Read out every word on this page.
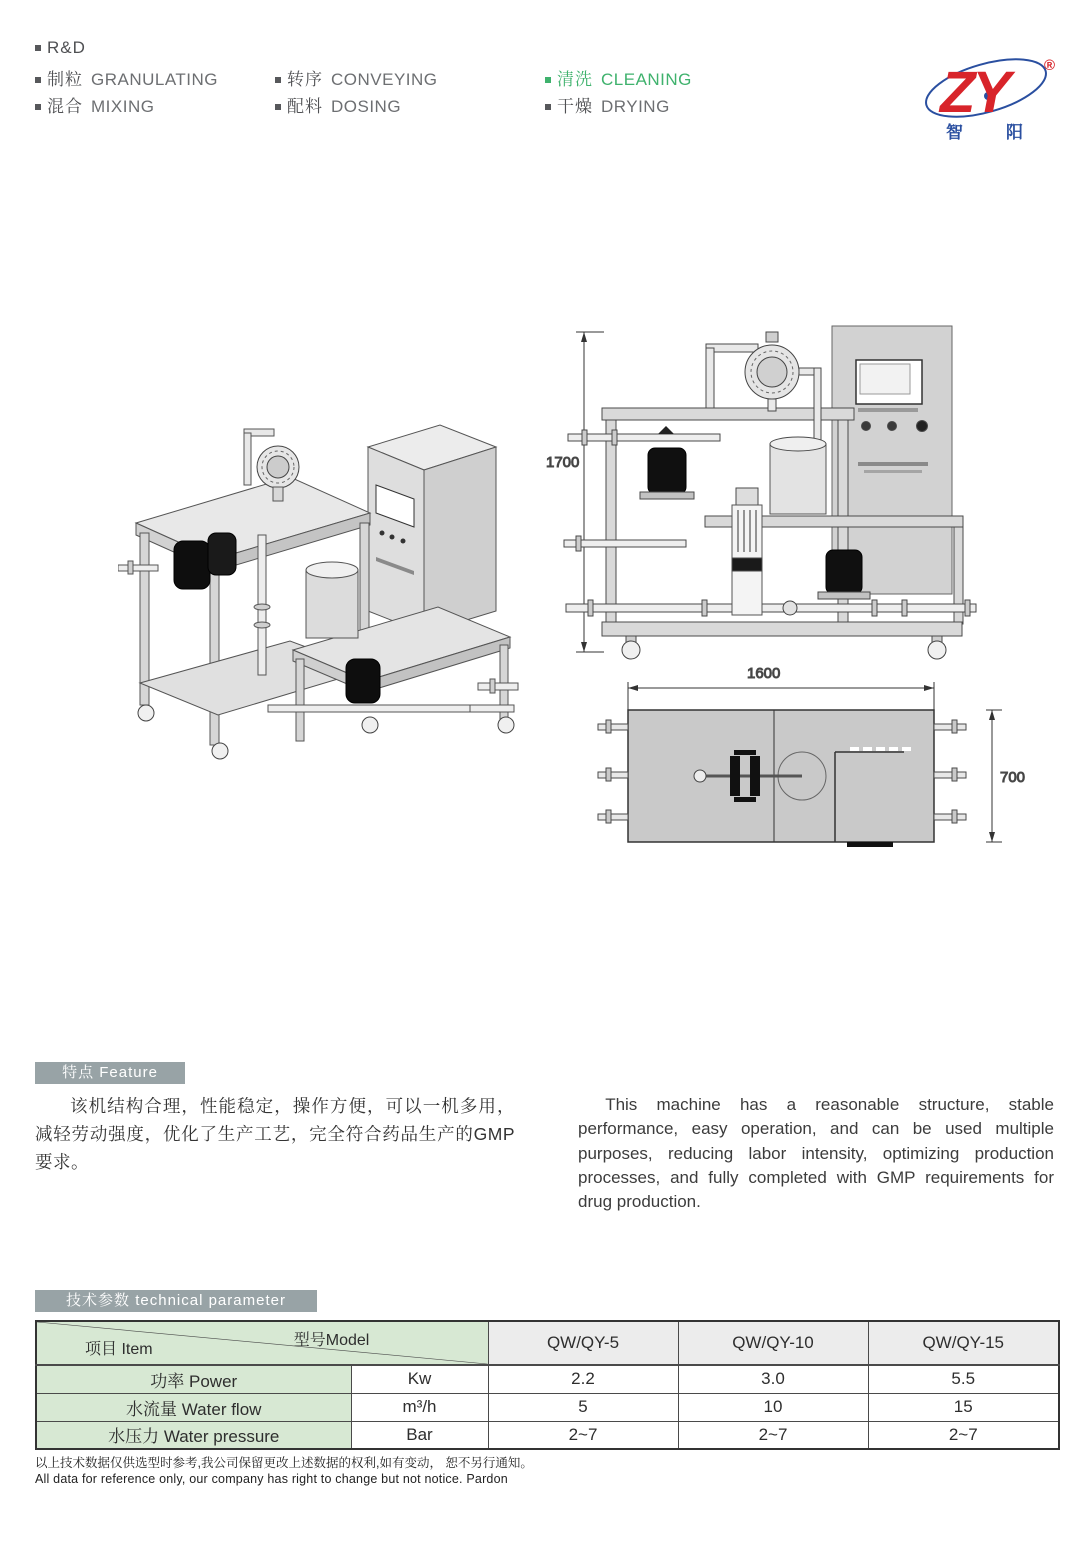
R&D
制粒 GRANULATING
混合 MIXING
转序 CONVEYING
配料 DOSING
清洗 CLEANING
干燥 DRYING	ZY	®
智	阳
1700
1600
700
特点 Feature

该机结构合理，性能稳定，操作方便，可以一机多用，减轻劳动强度，优化了生产工艺，完全符合药品生产的GMP要求。

This machine has a reasonable structure, stable performance, easy operation, and can be used multiple purposes, reducing labor intensity, optimizing production processes, and fully completed with GMP requirements for drug production.

技术参数 technical parameter
型号Model
项目 Item		QW/QY-5	QW/QY-10	QW/QY-15
功率 Power	Kw	2.2	3.0	5.5
水流量 Water flow	m³/h	5	10	15
水压力 Water pressure	Bar	2~7	2~7	2~7
以上技术数据仅供选型时参考,我公司保留更改上述数据的权利,如有变动， 恕不另行通知。
All data for reference only, our company has right to change but not notice. Pardon
